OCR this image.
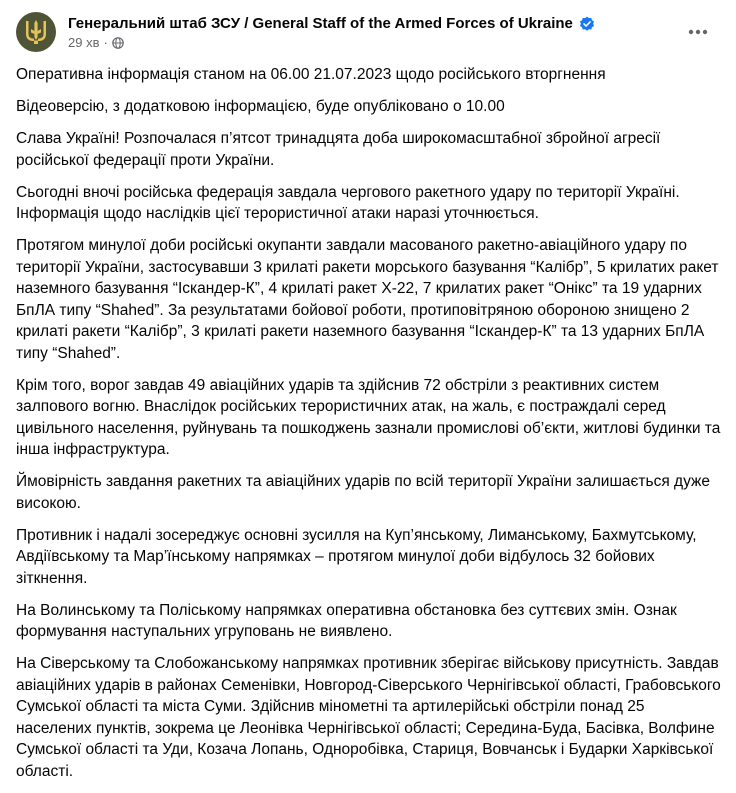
Генеральний штаб ЗСУ / General Staff of the Armed Forces of Ukraine
29 хв ·

Оперативна інформація станом на 06.00 21.07.2023 щодо російського вторгнення

Відеоверсію, з додатковою інформацією, буде опубліковано о 10.00

Слава Україні! Розпочалася п’ятсот тринадцята доба широкомасштабної збройної агресії російської федерації проти України.

Сьогодні вночі російська федерація завдала чергового ракетного удару по території Україні. Інформація щодо наслідків цієї терористичної атаки наразі уточнюється.

Протягом минулої доби російські окупанти завдали масованого ракетно-авіаційного удару по території України, застосувавши 3 крилаті ракети морського базування “Калібр”, 5 крилатих ракет наземного базування “Іскандер-К”, 4 крилаті ракет Х-22, 7 крилатих ракет “Онікс” та 19 ударних БпЛА типу “Shahed”. За результатами бойової роботи, протиповітряною обороною знищено 2 крилаті ракети “Калібр”, 3 крилаті ракети наземного базування “Іскандер-К” та 13 ударних БпЛА типу “Shahed”.

Крім того, ворог завдав 49 авіаційних ударів та здійснив 72 обстріли з реактивних систем залпового вогню. Внаслідок російських терористичних атак, на жаль, є постраждалі серед цивільного населення, руйнувань та пошкоджень зазнали промислові об’єкти, житлові будинки та інша інфраструктура.

Ймовірність завдання ракетних та авіаційних ударів по всій території України залишається дуже високою.

Противник і надалі зосереджує основні зусилля на Куп’янському, Лиманському, Бахмутському, Авдіївському та Мар’їнському напрямках – протягом минулої доби відбулось 32 бойових зіткнення.

На Волинському та Поліському напрямках оперативна обстановка без суттєвих змін. Ознак формування наступальних угруповань не виявлено.

На Сіверському та Слобожанському напрямках противник зберігає військову присутність. Завдав авіаційних ударів в районах Семенівки, Новгород-Сіверського Чернігівської області, Грабовського Сумської області та міста Суми. Здійснив мінометні та артилерійські обстріли понад 25 населених пунктів, зокрема це Леонівка Чернігівської області; Серединa-Буда, Басівка, Волфине Сумської області та Уди, Козача Лопань, Одноробівка, Стариця, Вовчанськ і Бударки Харківської області.
